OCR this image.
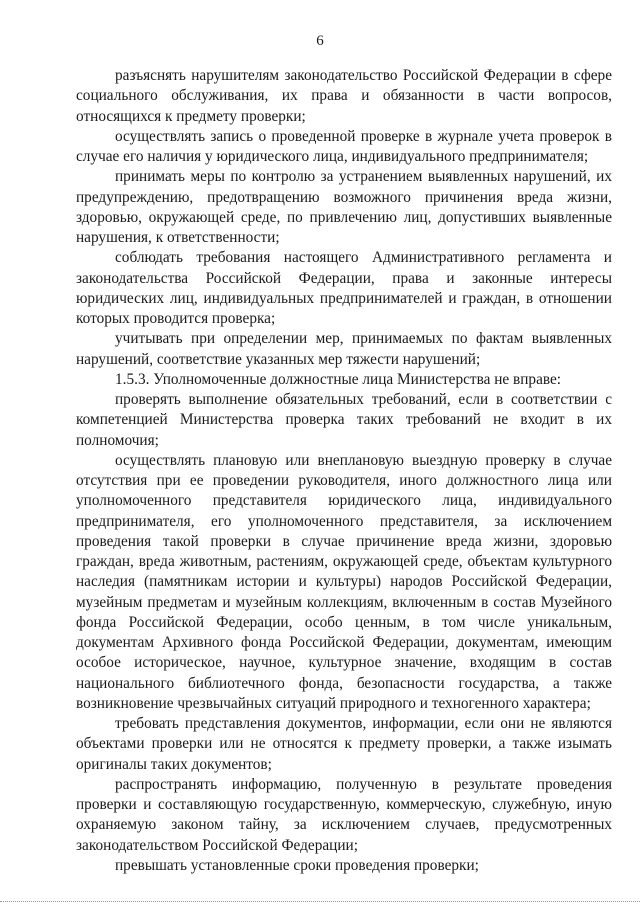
6

разъяснять нарушителям законодательство Российской Федерации в сфере социального обслуживания, их права и обязанности в части вопросов, относящихся к предмету проверки;

осуществлять запись о проведенной проверке в журнале учета проверок в случае его наличия у юридического лица, индивидуального предпринимателя;

принимать меры по контролю за устранением выявленных нарушений, их предупреждению, предотвращению возможного причинения вреда жизни, здоровью, окружающей среде, по привлечению лиц, допустивших выявленные нарушения, к ответственности;

соблюдать требования настоящего Административного регламента и законодательства Российской Федерации, права и законные интересы юридических лиц, индивидуальных предпринимателей и граждан, в отношении которых проводится проверка;

учитывать при определении мер, принимаемых по фактам выявленных нарушений, соответствие указанных мер тяжести нарушений;

1.5.3. Уполномоченные должностные лица Министерства не вправе:

проверять выполнение обязательных требований, если в соответствии с компетенцией Министерства проверка таких требований не входит в их полномочия;

осуществлять плановую или внеплановую выездную проверку в случае отсутствия при ее проведении руководителя, иного должностного лица или уполномоченного представителя юридического лица, индивидуального предпринимателя, его уполномоченного представителя, за исключением проведения такой проверки в случае причинение вреда жизни, здоровью граждан, вреда животным, растениям, окружающей среде, объектам культурного наследия (памятникам истории и культуры) народов Российской Федерации, музейным предметам и музейным коллекциям, включенным в состав Музейного фонда Российской Федерации, особо ценным, в том числе уникальным, документам Архивного фонда Российской Федерации, документам, имеющим особое историческое, научное, культурное значение, входящим в состав национального библиотечного фонда, безопасности государства, а также возникновение чрезвычайных ситуаций природного и техногенного характера;

требовать представления документов, информации, если они не являются объектами проверки или не относятся к предмету проверки, а также изымать оригиналы таких документов;

распространять информацию, полученную в результате проведения проверки и составляющую государственную, коммерческую, служебную, иную охраняемую законом тайну, за исключением случаев, предусмотренных законодательством Российской Федерации;

превышать установленные сроки проведения проверки;
